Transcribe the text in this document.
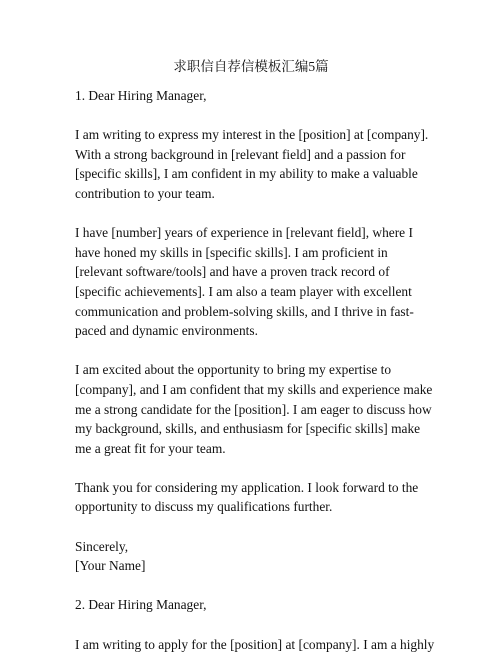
求职信自荐信模板汇编5篇
1. Dear Hiring Manager,
I am writing to express my interest in the [position] at [company].
With a strong background in [relevant field] and a passion for
[specific skills], I am confident in my ability to make a valuable
contribution to your team.
I have [number] years of experience in [relevant field], where I
have honed my skills in [specific skills]. I am proficient in
[relevant software/tools] and have a proven track record of
[specific achievements]. I am also a team player with excellent
communication and problem-solving skills, and I thrive in fast-
paced and dynamic environments.
I am excited about the opportunity to bring my expertise to
[company], and I am confident that my skills and experience make
me a strong candidate for the [position]. I am eager to discuss how
my background, skills, and enthusiasm for [specific skills] make
me a great fit for your team.
Thank you for considering my application. I look forward to the
opportunity to discuss my qualifications further.
Sincerely,
[Your Name]
2. Dear Hiring Manager,
I am writing to apply for the [position] at [company]. I am a highly
